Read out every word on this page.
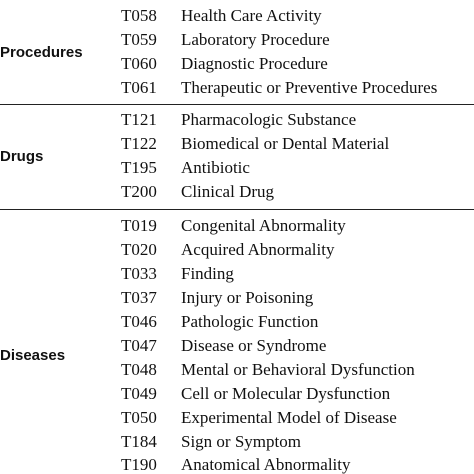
Procedures
T058 Health Care Activity
T059 Laboratory Procedure
T060 Diagnostic Procedure
T061 Therapeutic or Preventive Procedures
Drugs
T121 Pharmacologic Substance
T122 Biomedical or Dental Material
T195 Antibiotic
T200 Clinical Drug
Diseases
T019 Congenital Abnormality
T020 Acquired Abnormality
T033 Finding
T037 Injury or Poisoning
T046 Pathologic Function
T047 Disease or Syndrome
T048 Mental or Behavioral Dysfunction
T049 Cell or Molecular Dysfunction
T050 Experimental Model of Disease
T184 Sign or Symptom
T190 Anatomical Abnormality
